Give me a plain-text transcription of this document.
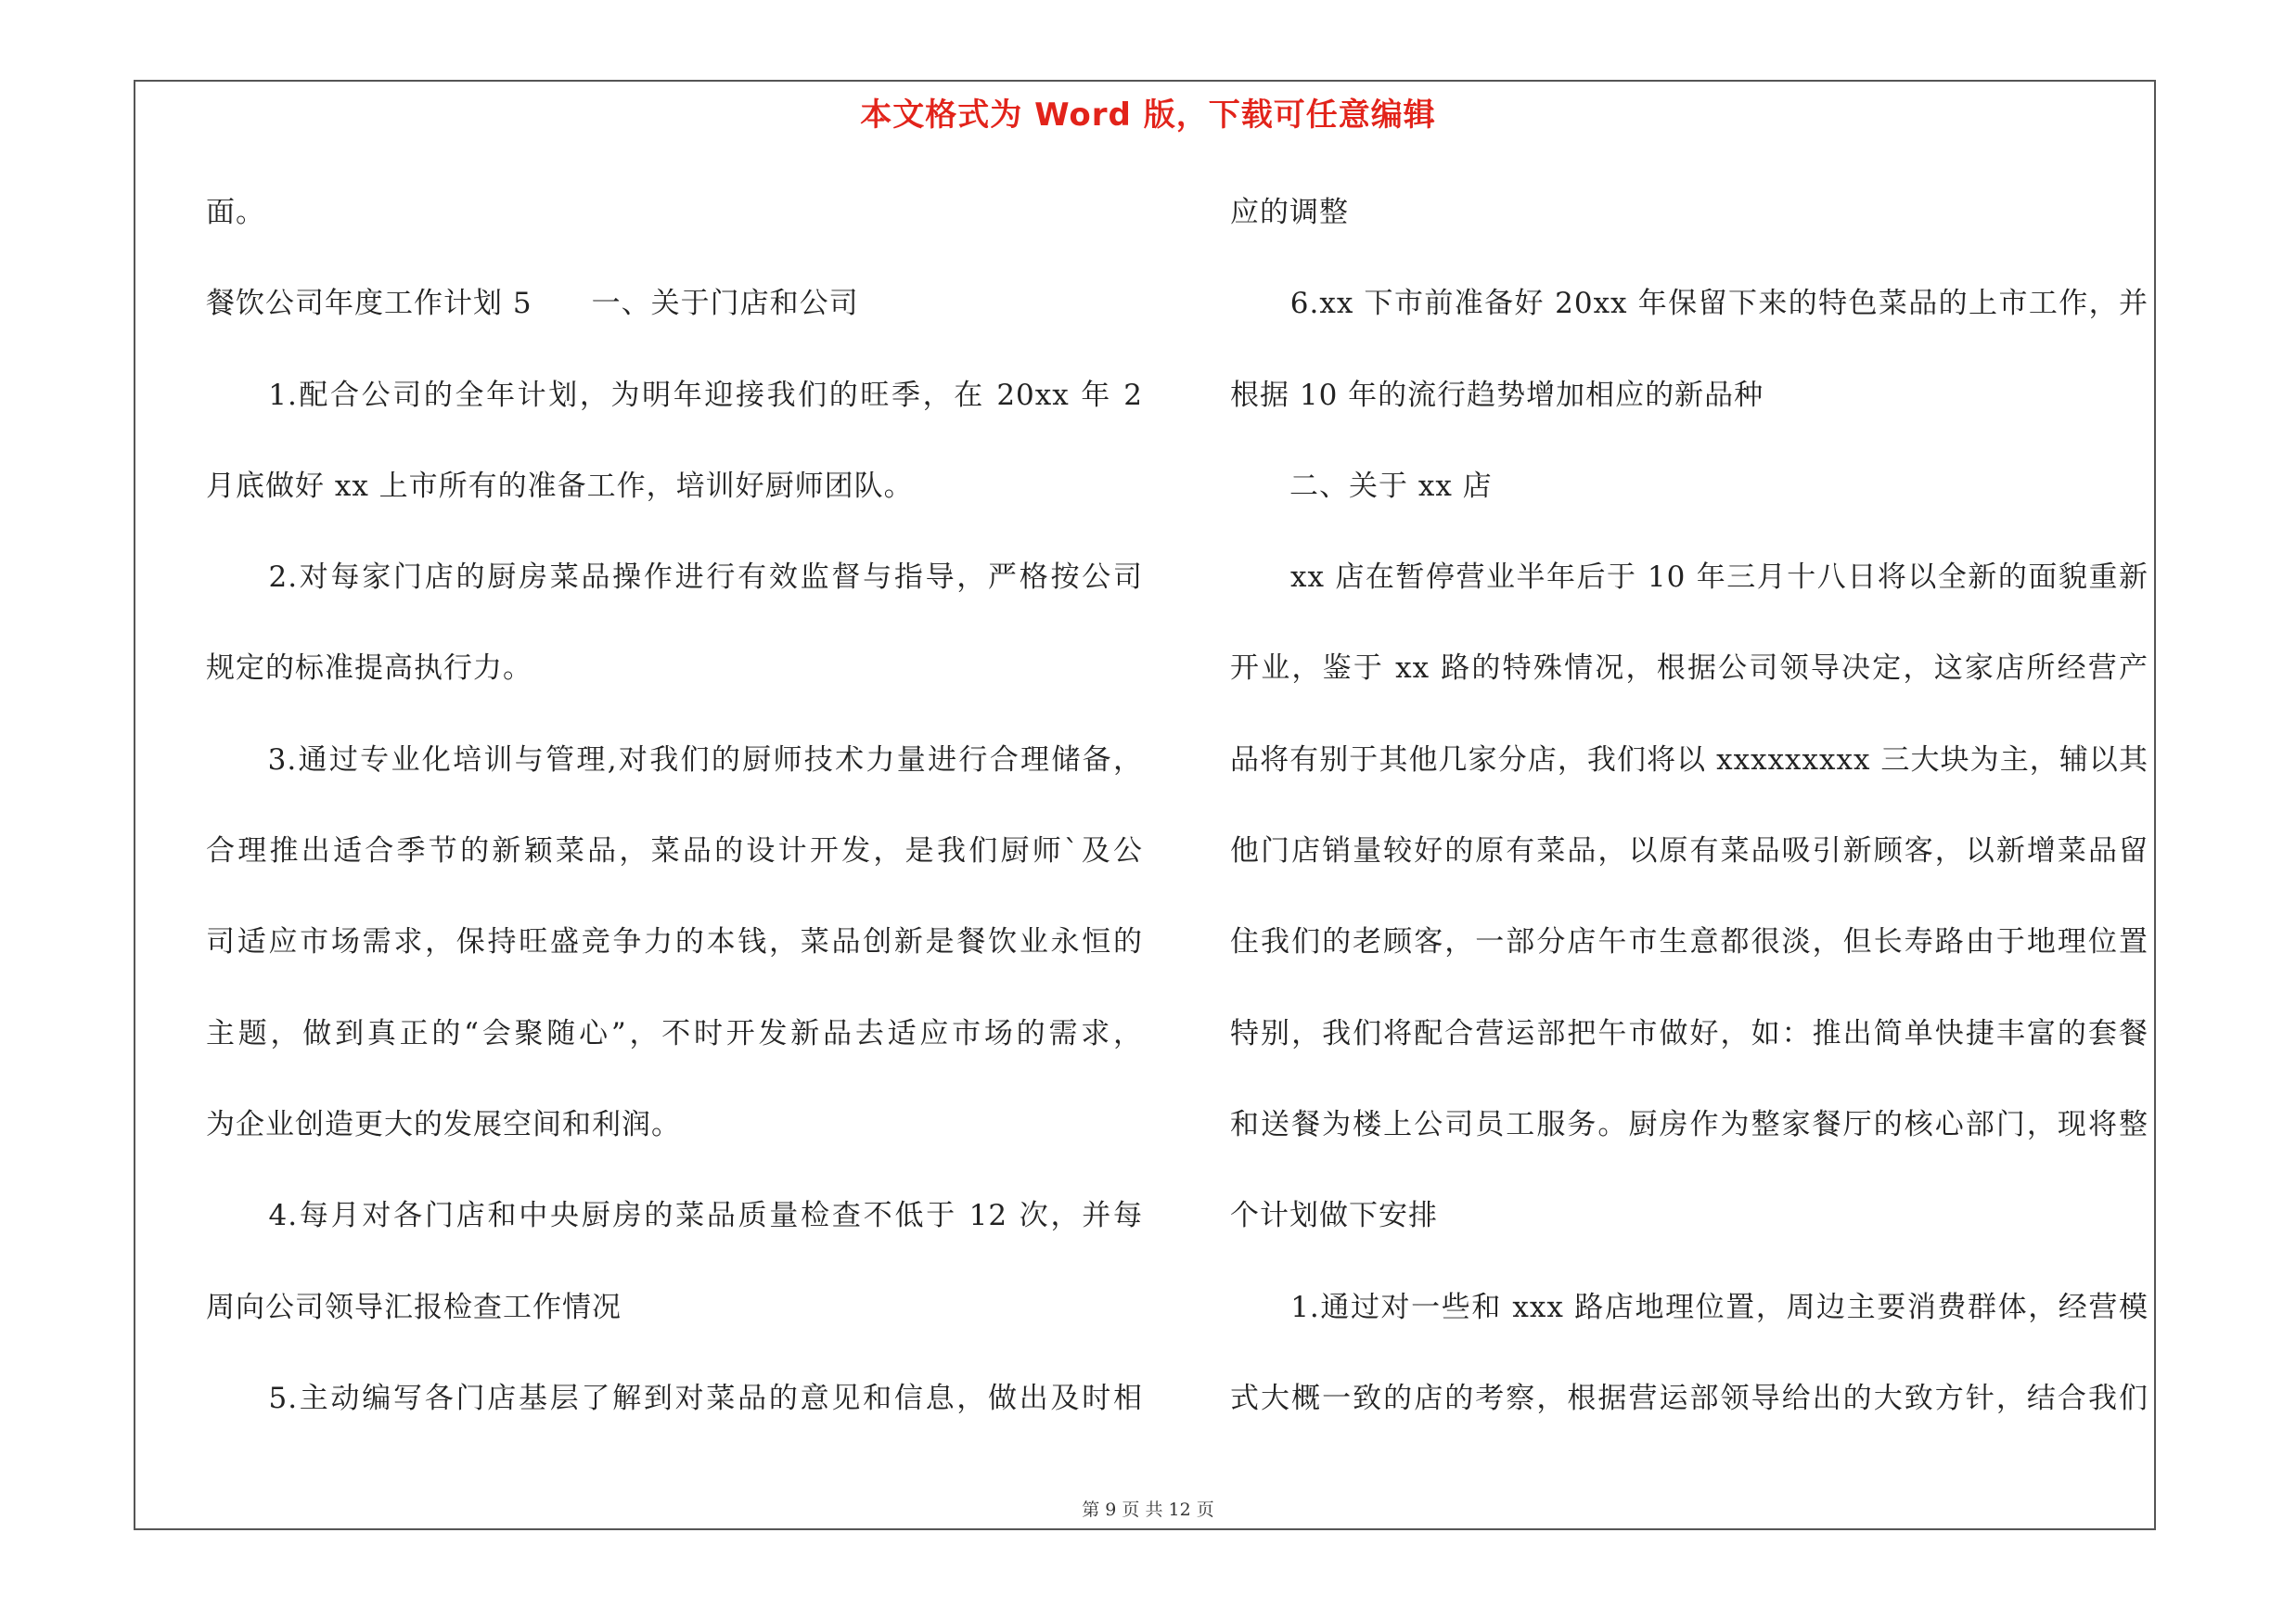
本文格式为 Word 版，下载可任意编辑
面。
餐饮公司年度工作计划 5　　一、关于门店和公司
　　1.配合公司的全年计划，为明年迎接我们的旺季，在 20xx 年 2
月底做好 xx 上市所有的准备工作，培训好厨师团队。
　　2.对每家门店的厨房菜品操作进行有效监督与指导，严格按公司
规定的标准提高执行力。
　　3.通过专业化培训与管理,对我们的厨师技术力量进行合理储备，
合理推出适合季节的新颖菜品，菜品的设计开发，是我们厨师`及公
司适应市场需求，保持旺盛竞争力的本钱，菜品创新是餐饮业永恒的
主题，做到真正的“会聚随心”，不时开发新品去适应市场的需求，
为企业创造更大的发展空间和利润。
　　4.每月对各门店和中央厨房的菜品质量检查不低于 12 次，并每
周向公司领导汇报检查工作情况
　　5.主动编写各门店基层了解到对菜品的意见和信息，做出及时相
应的调整
　　6.xx 下市前准备好 20xx 年保留下来的特色菜品的上市工作，并
根据 10 年的流行趋势增加相应的新品种
　　二、关于 xx 店
　　xx 店在暂停营业半年后于 10 年三月十八日将以全新的面貌重新
开业，鉴于 xx 路的特殊情况，根据公司领导决定，这家店所经营产
品将有别于其他几家分店，我们将以 xxxxxxxxx 三大块为主，辅以其
他门店销量较好的原有菜品，以原有菜品吸引新顾客，以新增菜品留
住我们的老顾客，一部分店午市生意都很淡，但长寿路由于地理位置
特别，我们将配合营运部把午市做好，如：推出简单快捷丰富的套餐
和送餐为楼上公司员工服务。厨房作为整家餐厅的核心部门，现将整
个计划做下安排
　　1.通过对一些和 xxx 路店地理位置，周边主要消费群体，经营模
式大概一致的店的考察，根据营运部领导给出的大致方针，结合我们
第 9 页 共 12 页
